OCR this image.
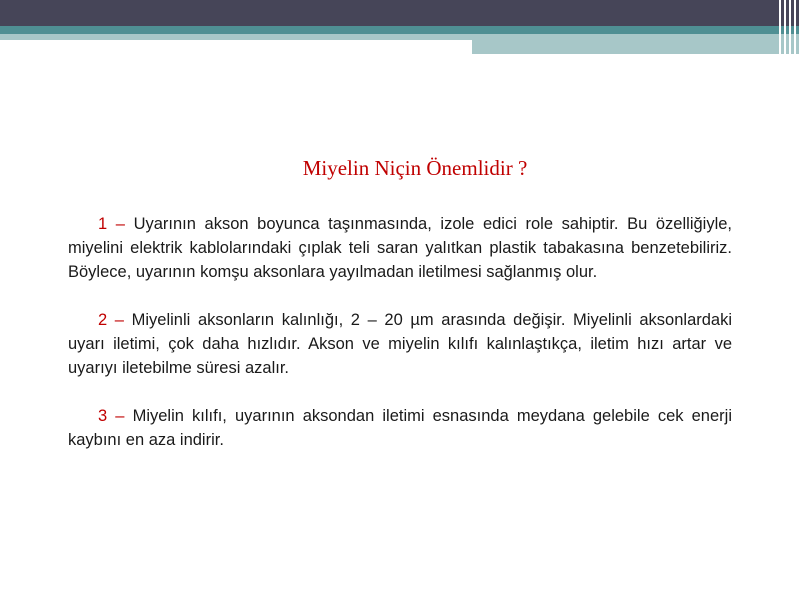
Miyelin Niçin Önemlidir ?

1 – Uyarının akson boyunca taşınmasında, izole edici role sahiptir. Bu özelliğiyle, miyelini elektrik kablolarındaki çıplak teli saran yalıtkan plastik tabakasına benzetebiliriz. Böylece, uyarının komşu aksonlara yayılmadan iletilmesi sağlanmış olur.

2 – Miyelinli aksonların kalınlığı, 2 – 20 µm arasında değişir. Miyelinli aksonlardaki uyarı iletimi, çok daha hızlıdır. Akson ve miyelin kılıfı kalınlaştıkça, iletim hızı artar ve uyarıyı iletebilme süresi azalır.

3 – Miyelin kılıfı, uyarının aksondan iletimi esnasında meydana gelebile cek enerji kaybını en aza indirir.
